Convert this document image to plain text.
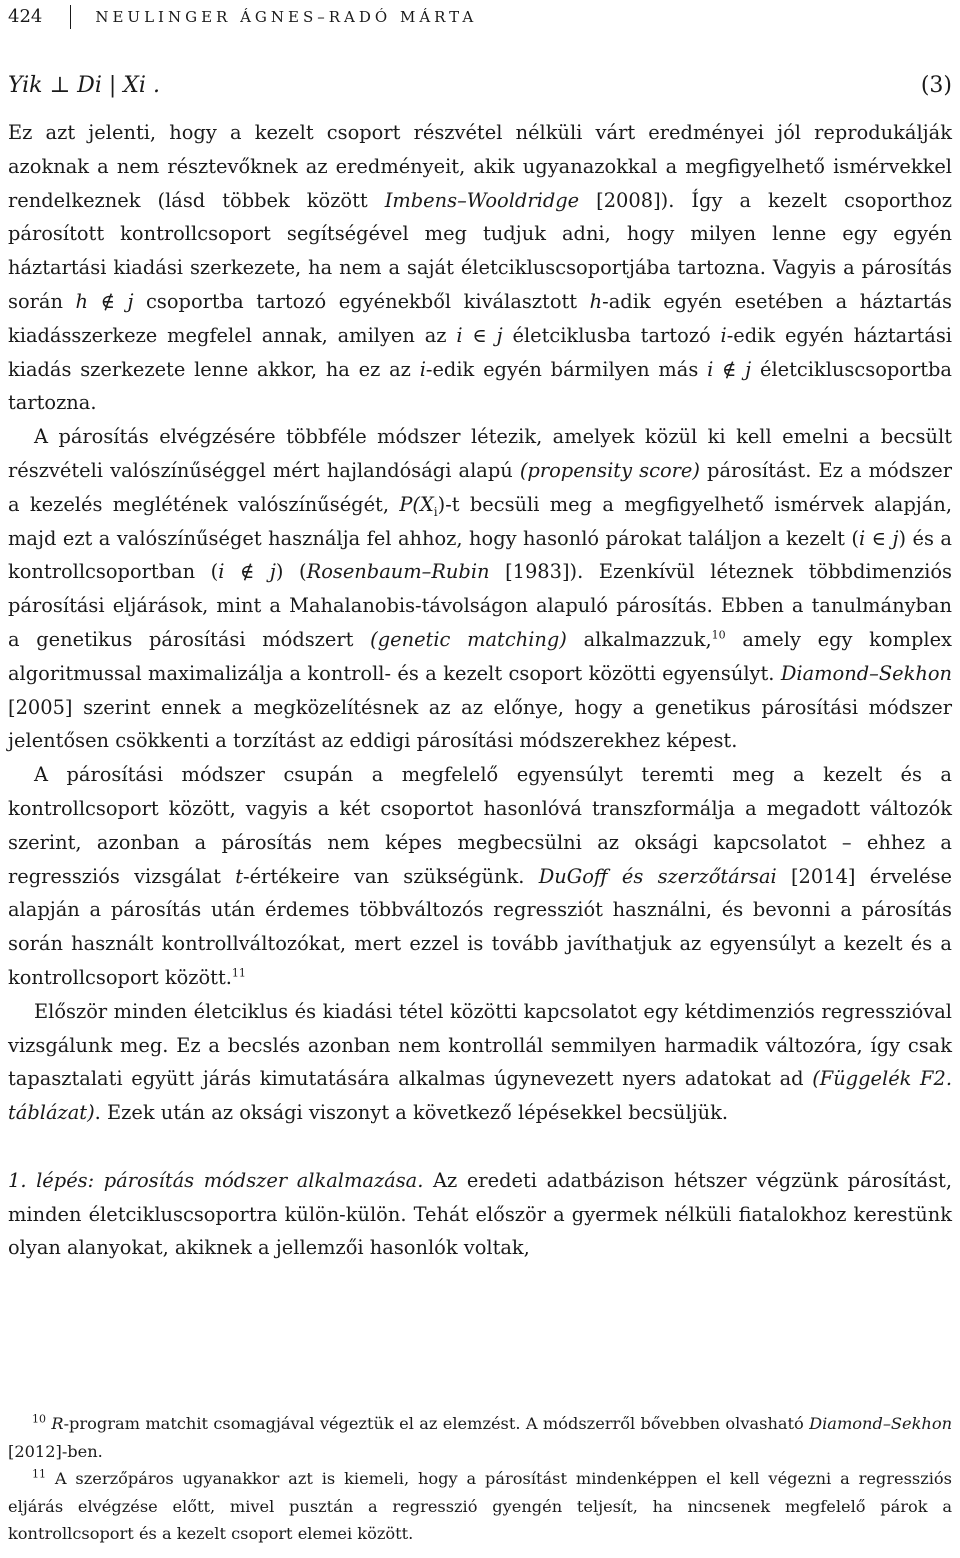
424	NEULINGER ÁGNES–RADÓ MÁRTA
Yik ⊥ Di | Xi .	(3)

Ez azt jelenti, hogy a kezelt csoport részvétel nélküli várt eredményei jól reprodukálják azoknak a nem résztevőknek az eredményeit, akik ugyanazokkal a megfigyelhető ismérvekkel rendelkeznek (lásd többek között Imbens–Wooldridge [2008]). Így a kezelt csoporthoz párosított kontrollcsoport segítségével meg tudjuk adni, hogy milyen lenne egy egyén háztartási kiadási szerkezete, ha nem a saját életcikluscsoportjába tartozna. Vagyis a párosítás során h ∉ j csoportba tartozó egyénekből kiválasztott h-adik egyén esetében a háztartás kiadásszerkeze megfelel annak, amilyen az i ∈ j életciklusba tartozó i-edik egyén háztartási kiadás szerkezete lenne akkor, ha ez az i-edik egyén bármilyen más i ∉ j életcikluscsoportba tartozna.

A párosítás elvégzésére többféle módszer létezik, amelyek közül ki kell emelni a becsült részvételi valószínűséggel mért hajlandósági alapú (propensity score) párosítást. Ez a módszer a kezelés meglétének valószínűségét, $P(X_i)-t$ becsüli meg a megfigyelhető ismérvek alapján, majd ezt a valószínűséget használja fel ahhoz, hogy hasonló párokat találjon a kezelt (i ∈ j) és a kontrollcsoportban (i ∉ j) (Rosenbaum–Rubin [1983]). Ezenkívül léteznek többdimenziós párosítási eljárások, mint a Mahalanobis-távolságon alapuló párosítás. Ebben a tanulmányban a genetikus párosítási módszert (genetic matching) alkalmazzuk,$^{10}$ amely egy komplex algoritmussal maximalizálja a kontroll- és a kezelt csoport közötti egyensúlyt. Diamond–Sekhon [2005] szerint ennek a megközelítésnek az az előnye, hogy a genetikus párosítási módszer jelentősen csökkenti a torzítást az eddigi párosítási módszerekhez képest.

A párosítási módszer csupán a megfelelő egyensúlyt teremti meg a kezelt és a kontrollcsoport között, vagyis a két csoportot hasonlóvá transzformálja a megadott változók szerint, azonban a párosítás nem képes megbecsülni az oksági kapcsolatot – ehhez a regressziós vizsgálat t-értékeire van szükségünk. DuGoff és szerzőtársai [2014] érvelése alapján a párosítás után érdemes többváltozós regressziót használni, és bevonni a párosítás során használt kontrollváltozókat, mert ezzel is tovább javíthatjuk az egyensúlyt a kezelt és a kontrollcsoport között.$^{11}$

Először minden életciklus és kiadási tétel közötti kapcsolatot egy kétdimenziós regresszióval vizsgálunk meg. Ez a becslés azonban nem kontrollál semmilyen harmadik változóra, így csak tapasztalati együtt járás kimutatására alkalmas úgynevezett nyers adatokat ad (Függelék F2. táblázat). Ezek után az oksági viszonyt a következő lépésekkel becsüljük.

1. lépés: párosítás módszer alkalmazása. Az eredeti adatbázison hétszer végzünk párosítást, minden életcikluscsoportra külön-külön. Tehát először a gyermek nélküli fiatalokhoz kerestünk olyan alanyokat, akiknek a jellemzői hasonlók voltak,

$^{10}$ R-program matchit csomagjával végeztük el az elemzést. A módszerről bővebben olvasható Diamond–Sekhon [2012]-ben.

$^{11}$ A szerzőpáros ugyanakkor azt is kiemeli, hogy a párosítást mindenképpen el kell végezni a regressziós eljárás elvégzése előtt, mivel pusztán a regresszió gyengén teljesít, ha nincsenek megfelelő párok a kontrollcsoport és a kezelt csoport elemei között.
